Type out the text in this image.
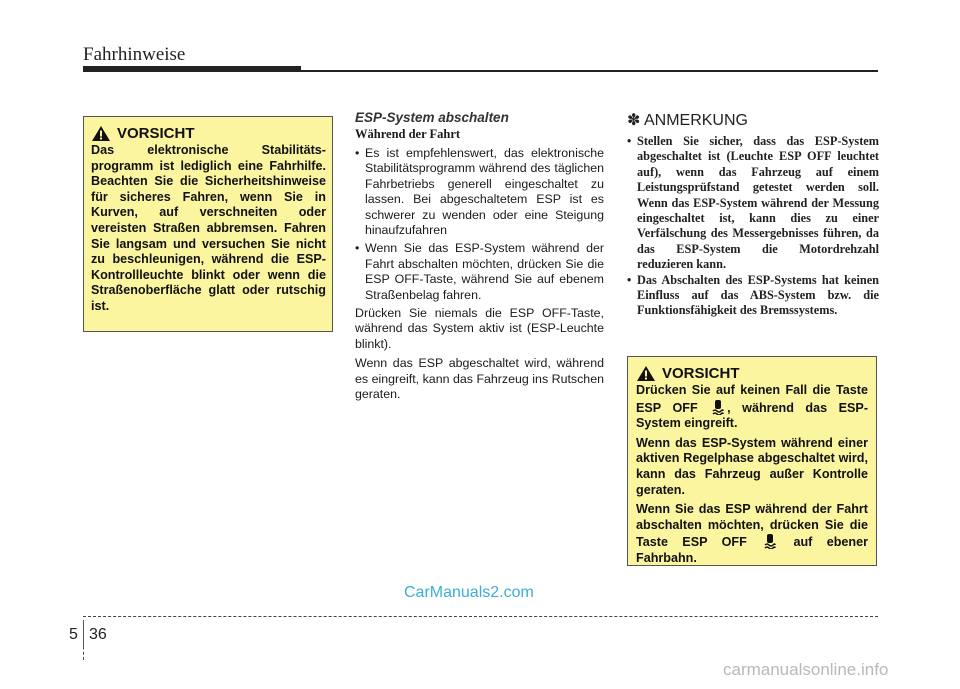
Fahrhinweise
VORSICHT

Das elektronische Stabilitäts-programm ist lediglich eine Fahrhilfe. Beachten Sie die Sicherheitshinweise für sicheres Fahren, wenn Sie in Kurven, auf verschneiten oder vereisten Straßen abbremsen. Fahren Sie langsam und versuchen Sie nicht zu beschleunigen, während die ESP-Kontrollleuchte blinkt oder wenn die Straßenoberfläche glatt oder rutschig ist.

ESP-System abschalten
Während der Fahrt
• Es ist empfehlenswert, das elektronische Stabilitätsprogramm während des täglichen Fahrbetriebs generell eingeschaltet zu lassen. Bei abgeschaltetem ESP ist es schwerer zu wenden oder eine Steigung hinaufzufahren
• Wenn Sie das ESP-System während der Fahrt abschalten möchten, drücken Sie die ESP OFF-Taste, während Sie auf ebenem Straßenbelag fahren.

Drücken Sie niemals die ESP OFF-Taste, während das System aktiv ist (ESP-Leuchte blinkt).

Wenn das ESP abgeschaltet wird, während es eingreift, kann das Fahrzeug ins Rutschen geraten.

✽ ANMERKUNG
• Stellen Sie sicher, dass das ESP-System abgeschaltet ist (Leuchte ESP OFF leuchtet auf), wenn das Fahrzeug auf einem Leistungsprüfstand getestet werden soll. Wenn das ESP-System während der Messung eingeschaltet ist, kann dies zu einer Verfälschung des Messergebnisses führen, da das ESP-System die Motordrehzahl reduzieren kann.
• Das Abschalten des ESP-Systems hat keinen Einfluss auf das ABS-System bzw. die Funktionsfähigkeit des Bremssystems.
VORSICHT

Drücken Sie auf keinen Fall die Taste ESP OFF , während das ESP-System eingreift.

Wenn das ESP-System während einer aktiven Regelphase abgeschaltet wird, kann das Fahrzeug außer Kontrolle geraten.

Wenn Sie das ESP während der Fahrt abschalten möchten, drücken Sie die Taste ESP OFF	auf ebener Fahrbahn.

CarManuals2.com
5 36
carmanualsonline.info
